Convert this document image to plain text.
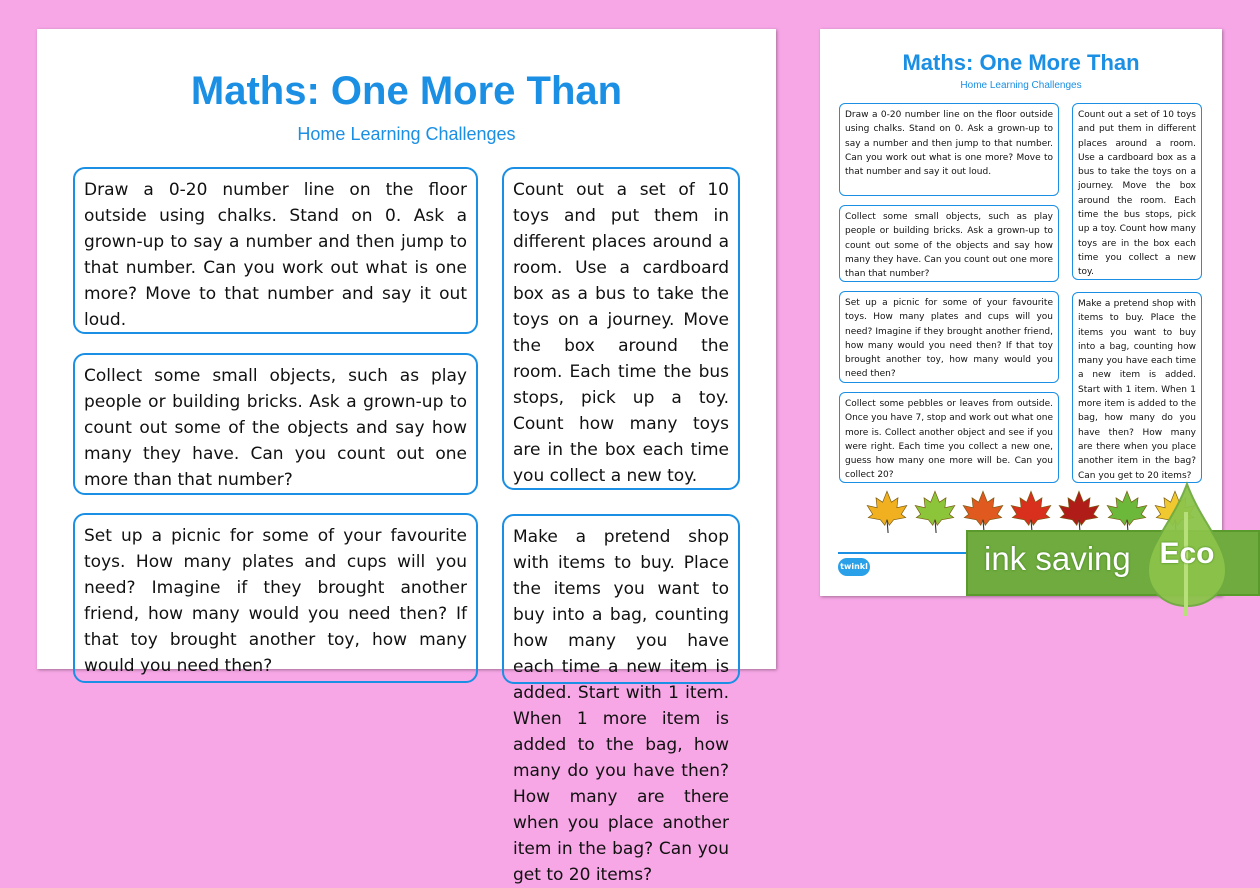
Maths: One More Than
Home Learning Challenges
Draw a 0-20 number line on the floor outside using chalks. Stand on 0. Ask a grown-up to say a number and then jump to that number. Can you work out what is one more? Move to that number and say it out loud.
Collect some small objects, such as play people or building bricks. Ask a grown-up to count out some of the objects and say how many they have. Can you count out one more than that number?
Set up a picnic for some of your favourite toys. How many plates and cups will you need? Imagine if they brought another friend, how many would you need then? If that toy brought another toy, how many would you need then?
Count out a set of 10 toys and put them in different places around a room. Use a cardboard box as a bus to take the toys on a journey. Move the box around the room. Each time the bus stops, pick up a toy. Count how many toys are in the box each time you collect a new toy.
Make a pretend shop with items to buy. Place the items you want to buy into a bag, counting how many you have each time a new item is added. Start with 1 item. When 1 more item is added to the bag, how many do you have then? How many are there when you place another item in the bag? Can you get to 20 items?
Maths: One More Than
Home Learning Challenges
Draw a 0-20 number line on the floor outside using chalks. Stand on 0. Ask a grown-up to say a number and then jump to that number. Can you work out what is one more? Move to that number and say it out loud.
Collect some small objects, such as play people or building bricks. Ask a grown-up to count out some of the objects and say how many they have. Can you count out one more than that number?
Set up a picnic for some of your favourite toys. How many plates and cups will you need? Imagine if they brought another friend, how many would you need then? If that toy brought another toy, how many would you need then?
Collect some pebbles or leaves from outside. Once you have 7, stop and work out what one more is. Collect another object and see if you were right. Each time you collect a new one, guess how many one more will be. Can you collect 20?
Count out a set of 10 toys and put them in different places around a room. Use a cardboard box as a bus to take the toys on a journey. Move the box around the room. Each time the bus stops, pick up a toy. Count how many toys are in the box each time you collect a new toy.
Make a pretend shop with items to buy. Place the items you want to buy into a bag, counting how many you have each time a new item is added. Start with 1 item. When 1 more item is added to the bag, how many do you have then? How many are there when you place another item in the bag? Can you get to 20 items?
twinkl	ink saving Eco
